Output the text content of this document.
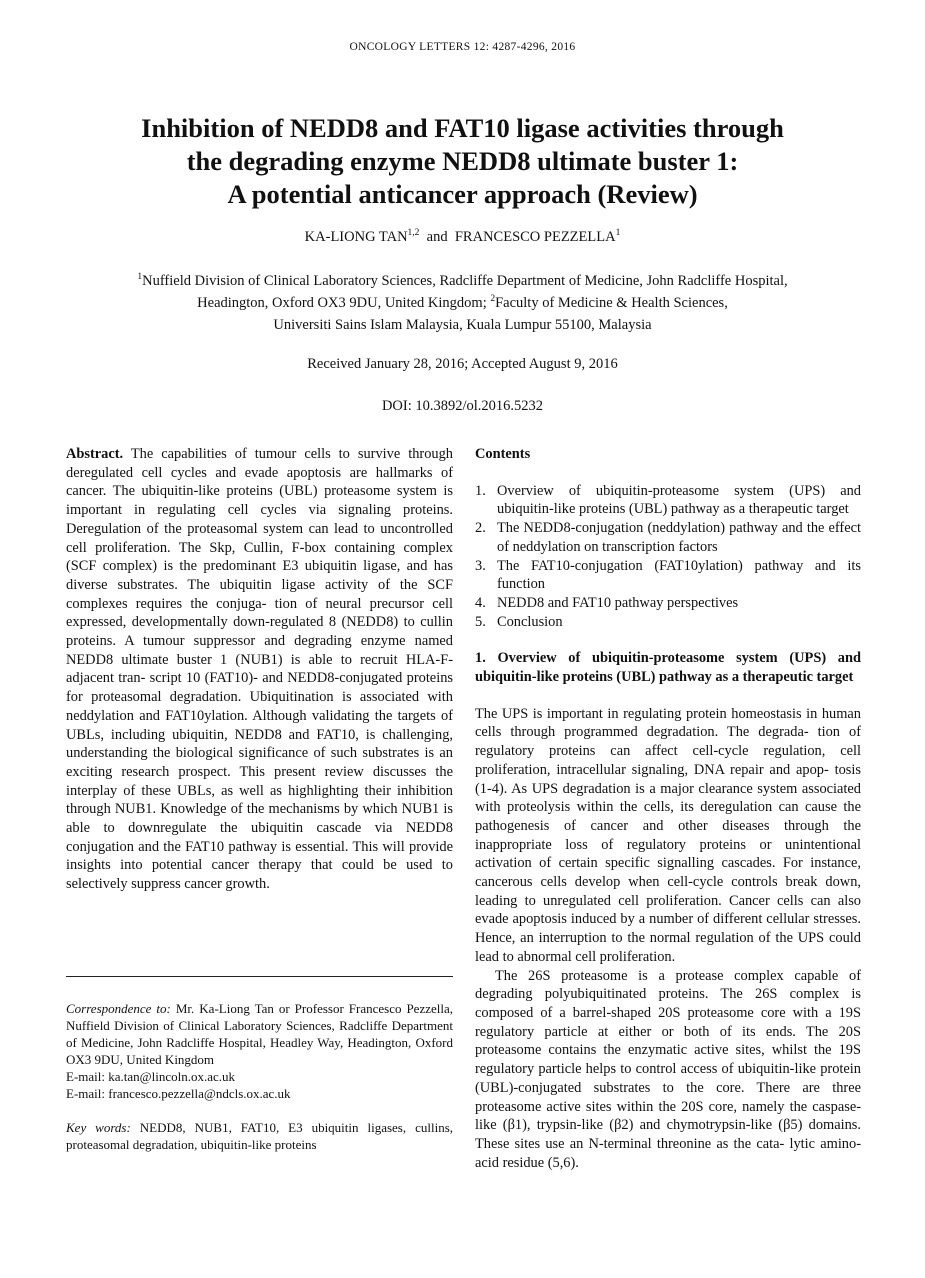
ONCOLOGY LETTERS 12: 4287-4296, 2016
Inhibition of NEDD8 and FAT10 ligase activities through
the degrading enzyme NEDD8 ultimate buster 1:
A potential anticancer approach (Review)
KA-LIONG TAN$^{1,2}$ and FRANCESCO PEZZELLA$^1$
$^1$Nuffield Division of Clinical Laboratory Sciences, Radcliffe Department of Medicine, John Radcliffe Hospital,
Headington, Oxford OX3 9DU, United Kingdom; $^2$Faculty of Medicine & Health Sciences,
Universiti Sains Islam Malaysia, Kuala Lumpur 55100, Malaysia
Received January 28, 2016; Accepted August 9, 2016
DOI: 10.3892/ol.2016.5232

Abstract. The capabilities of tumour cells to survive through deregulated cell cycles and evade apoptosis are hallmarks of cancer. The ubiquitin-like proteins (UBL) proteasome system is important in regulating cell cycles via signaling proteins. Deregulation of the proteasomal system can lead to uncontrolled cell proliferation. The Skp, Cullin, F-box containing complex (SCF complex) is the predominant E3 ubiquitin ligase, and has diverse substrates. The ubiquitin ligase activity of the SCF complexes requires the conjuga- tion of neural precursor cell expressed, developmentally down-regulated 8 (NEDD8) to cullin proteins. A tumour suppressor and degrading enzyme named NEDD8 ultimate buster 1 (NUB1) is able to recruit HLA-F-adjacent tran- script 10 (FAT10)- and NEDD8-conjugated proteins for proteasomal degradation. Ubiquitination is associated with neddylation and FAT10ylation. Although validating the targets of UBLs, including ubiquitin, NEDD8 and FAT10, is challenging, understanding the biological significance of such substrates is an exciting research prospect. This present review discusses the interplay of these UBLs, as well as highlighting their inhibition through NUB1. Knowledge of the mechanisms by which NUB1 is able to downregulate the ubiquitin cascade via NEDD8 conjugation and the FAT10 pathway is essential. This will provide insights into potential cancer therapy that could be used to selectively suppress cancer growth.

Correspondence to: Mr. Ka-Liong Tan or Professor Francesco Pezzella, Nuffield Division of Clinical Laboratory Sciences, Radcliffe Department of Medicine, John Radcliffe Hospital, Headley Way, Headington, Oxford OX3 9DU, United Kingdom

E-mail: ka.tan@lincoln.ox.ac.uk

E-mail: francesco.pezzella@ndcls.ox.ac.uk

Key words: NEDD8, NUB1, FAT10, E3 ubiquitin ligases, cullins, proteasomal degradation, ubiquitin-like proteins

Contents

1. Overview of ubiquitin-proteasome system (UPS) and ubiquitin-like proteins (UBL) pathway as a therapeutic target
2. The NEDD8-conjugation (neddylation) pathway and the effect of neddylation on transcription factors
3. The FAT10-conjugation (FAT10ylation) pathway and its function
4. NEDD8 and FAT10 pathway perspectives
5. Conclusion

1. Overview of ubiquitin-proteasome system (UPS) and ubiquitin-like proteins (UBL) pathway as a therapeutic target

The UPS is important in regulating protein homeostasis in human cells through programmed degradation. The degrada- tion of regulatory proteins can affect cell-cycle regulation, cell proliferation, intracellular signaling, DNA repair and apop- tosis (1-4). As UPS degradation is a major clearance system associated with proteolysis within the cells, its deregulation can cause the pathogenesis of cancer and other diseases through the inappropriate loss of regulatory proteins or unintentional activation of certain specific signalling cascades. For instance, cancerous cells develop when cell-cycle controls break down, leading to unregulated cell proliferation. Cancer cells can also evade apoptosis induced by a number of different cellular stresses. Hence, an interruption to the normal regulation of the UPS could lead to abnormal cell proliferation.

The 26S proteasome is a protease complex capable of degrading polyubiquitinated proteins. The 26S complex is composed of a barrel-shaped 20S proteasome core with a 19S regulatory particle at either or both of its ends. The 20S proteasome contains the enzymatic active sites, whilst the 19S regulatory particle helps to control access of ubiquitin-like protein (UBL)-conjugated substrates to the core. There are three proteasome active sites within the 20S core, namely the caspase-like (β1), trypsin-like (β2) and chymotrypsin-like (β5) domains. These sites use an N-terminal threonine as the cata- lytic amino-acid residue (5,6).
